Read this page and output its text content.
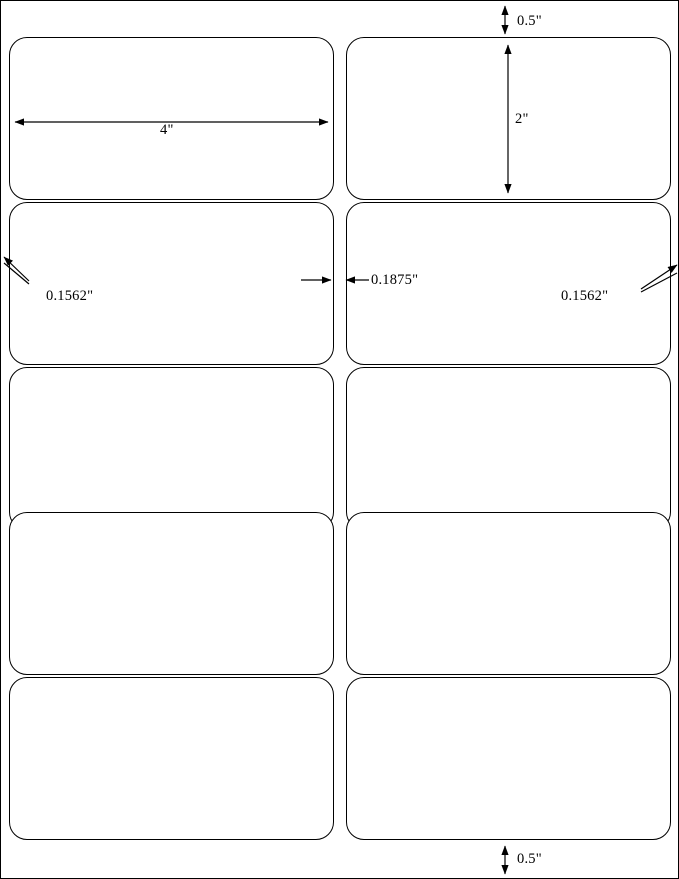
0.5"
2"
4"
0.1562"
0.1875"
0.1562"
0.5"
